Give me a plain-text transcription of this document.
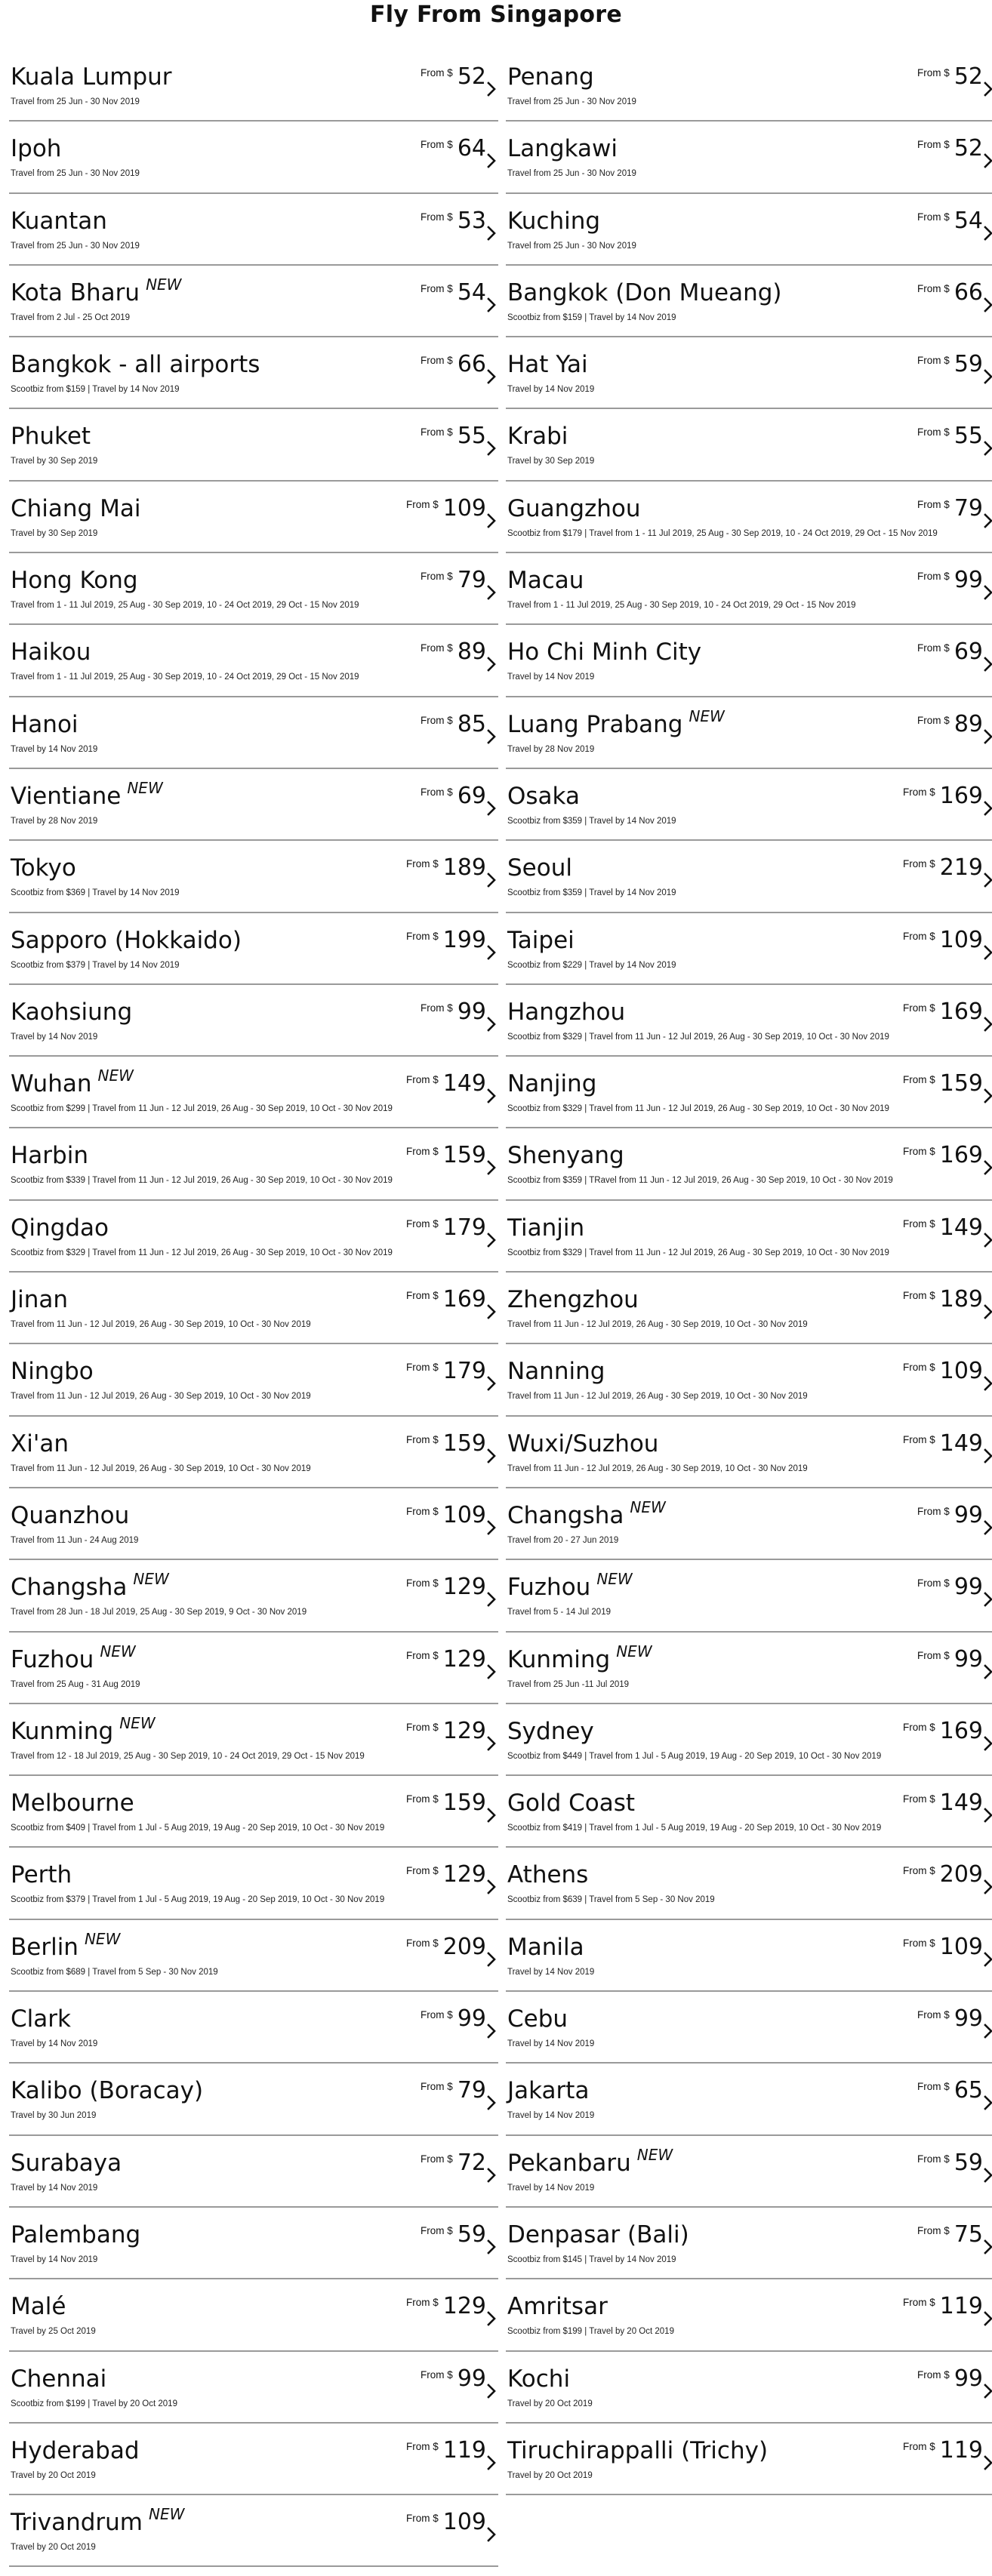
Fly From Singapore
Kuala Lumpur
Travel from 25 Jun - 30 Nov 2019
From $ 52
Ipoh
Travel from 25 Jun - 30 Nov 2019
From $ 64
Kuantan
Travel from 25 Jun - 30 Nov 2019
From $ 53
Kota Bharu $^{NEW}$
Travel from 2 Jul - 25 Oct 2019
From $ 54
Bangkok - all airports
Scootbiz from $159 | Travel by 14 Nov 2019
From $ 66
Phuket
Travel by 30 Sep 2019
From $ 55
Chiang Mai
Travel by 30 Sep 2019
From $ 109
Hong Kong
Travel from 1 - 11 Jul 2019, 25 Aug - 30 Sep 2019, 10 - 24 Oct 2019, 29 Oct - 15 Nov 2019
From $ 79
Haikou
Travel from 1 - 11 Jul 2019, 25 Aug - 30 Sep 2019, 10 - 24 Oct 2019, 29 Oct - 15 Nov 2019
From $ 89
Hanoi
Travel by 14 Nov 2019
From $ 85
Vientiane $^{NEW}$
Travel by 28 Nov 2019
From $ 69
Tokyo
Scootbiz from $369 | Travel by 14 Nov 2019
From $ 189
Sapporo (Hokkaido)
Scootbiz from $379 | Travel by 14 Nov 2019
From $ 199
Kaohsiung
Travel by 14 Nov 2019
From $ 99
Wuhan $^{NEW}$
Scootbiz from $299 | Travel from 11 Jun - 12 Jul 2019, 26 Aug - 30 Sep 2019, 10 Oct - 30 Nov 2019
From $ 149
Harbin
Scootbiz from $339 | Travel from 11 Jun - 12 Jul 2019, 26 Aug - 30 Sep 2019, 10 Oct - 30 Nov 2019
From $ 159
Qingdao
Scootbiz from $329 | Travel from 11 Jun - 12 Jul 2019, 26 Aug - 30 Sep 2019, 10 Oct - 30 Nov 2019
From $ 179
Jinan
Travel from 11 Jun - 12 Jul 2019, 26 Aug - 30 Sep 2019, 10 Oct - 30 Nov 2019
From $ 169
Ningbo
Travel from 11 Jun - 12 Jul 2019, 26 Aug - 30 Sep 2019, 10 Oct - 30 Nov 2019
From $ 179
Xi'an
Travel from 11 Jun - 12 Jul 2019, 26 Aug - 30 Sep 2019, 10 Oct - 30 Nov 2019
From $ 159
Quanzhou
Travel from 11 Jun - 24 Aug 2019
From $ 109
Changsha $^{NEW}$
Travel from 28 Jun - 18 Jul 2019, 25 Aug - 30 Sep 2019, 9 Oct - 30 Nov 2019
From $ 129
Fuzhou $^{NEW}$
Travel from 25 Aug - 31 Aug 2019
From $ 129
Kunming $^{NEW}$
Travel from 12 - 18 Jul 2019, 25 Aug - 30 Sep 2019, 10 - 24 Oct 2019, 29 Oct - 15 Nov 2019
From $ 129
Melbourne
Scootbiz from $409 | Travel from 1 Jul - 5 Aug 2019, 19 Aug - 20 Sep 2019, 10 Oct - 30 Nov 2019
From $ 159
Perth
Scootbiz from $379 | Travel from 1 Jul - 5 Aug 2019, 19 Aug - 20 Sep 2019, 10 Oct - 30 Nov 2019
From $ 129
Berlin $^{NEW}$
Scootbiz from $689 | Travel from 5 Sep - 30 Nov 2019
From $ 209
Clark
Travel by 14 Nov 2019
From $ 99
Kalibo (Boracay)
Travel by 30 Jun 2019
From $ 79
Surabaya
Travel by 14 Nov 2019
From $ 72
Palembang
Travel by 14 Nov 2019
From $ 59
Malé
Travel by 25 Oct 2019
From $ 129
Chennai
Scootbiz from $199 | Travel by 20 Oct 2019
From $ 99
Hyderabad
Travel by 20 Oct 2019
From $ 119
Trivandrum $^{NEW}$
Travel by 20 Oct 2019
From $ 109
Penang
Travel from 25 Jun - 30 Nov 2019
From $ 52
Langkawi
Travel from 25 Jun - 30 Nov 2019
From $ 52
Kuching
Travel from 25 Jun - 30 Nov 2019
From $ 54
Bangkok (Don Mueang)
Scootbiz from $159 | Travel by 14 Nov 2019
From $ 66
Hat Yai
Travel by 14 Nov 2019
From $ 59
Krabi
Travel by 30 Sep 2019
From $ 55
Guangzhou
Scootbiz from $179 | Travel from 1 - 11 Jul 2019, 25 Aug - 30 Sep 2019, 10 - 24 Oct 2019, 29 Oct - 15 Nov 2019
From $ 79
Macau
Travel from 1 - 11 Jul 2019, 25 Aug - 30 Sep 2019, 10 - 24 Oct 2019, 29 Oct - 15 Nov 2019
From $ 99
Ho Chi Minh City
Travel by 14 Nov 2019
From $ 69
Luang Prabang $^{NEW}$
Travel by 28 Nov 2019
From $ 89
Osaka
Scootbiz from $359 | Travel by 14 Nov 2019
From $ 169
Seoul
Scootbiz from $359 | Travel by 14 Nov 2019
From $ 219
Taipei
Scootbiz from $229 | Travel by 14 Nov 2019
From $ 109
Hangzhou
Scootbiz from $329 | Travel from 11 Jun - 12 Jul 2019, 26 Aug - 30 Sep 2019, 10 Oct - 30 Nov 2019
From $ 169
Nanjing
Scootbiz from $329 | Travel from 11 Jun - 12 Jul 2019, 26 Aug - 30 Sep 2019, 10 Oct - 30 Nov 2019
From $ 159
Shenyang
Scootbiz from $359 | TRavel from 11 Jun - 12 Jul 2019, 26 Aug - 30 Sep 2019, 10 Oct - 30 Nov 2019
From $ 169
Tianjin
Scootbiz from $329 | Travel from 11 Jun - 12 Jul 2019, 26 Aug - 30 Sep 2019, 10 Oct - 30 Nov 2019
From $ 149
Zhengzhou
Travel from 11 Jun - 12 Jul 2019, 26 Aug - 30 Sep 2019, 10 Oct - 30 Nov 2019
From $ 189
Nanning
Travel from 11 Jun - 12 Jul 2019, 26 Aug - 30 Sep 2019, 10 Oct - 30 Nov 2019
From $ 109
Wuxi/Suzhou
Travel from 11 Jun - 12 Jul 2019, 26 Aug - 30 Sep 2019, 10 Oct - 30 Nov 2019
From $ 149
Changsha $^{NEW}$
Travel from 20 - 27 Jun 2019
From $ 99
Fuzhou $^{NEW}$
Travel from 5 - 14 Jul 2019
From $ 99
Kunming $^{NEW}$
Travel from 25 Jun -11 Jul 2019
From $ 99
Sydney
Scootbiz from $449 | Travel from 1 Jul - 5 Aug 2019, 19 Aug - 20 Sep 2019, 10 Oct - 30 Nov 2019
From $ 169
Gold Coast
Scootbiz from $419 | Travel from 1 Jul - 5 Aug 2019, 19 Aug - 20 Sep 2019, 10 Oct - 30 Nov 2019
From $ 149
Athens
Scootbiz from $639 | Travel from 5 Sep - 30 Nov 2019
From $ 209
Manila
Travel by 14 Nov 2019
From $ 109
Cebu
Travel by 14 Nov 2019
From $ 99
Jakarta
Travel by 14 Nov 2019
From $ 65
Pekanbaru $^{NEW}$
Travel by 14 Nov 2019
From $ 59
Denpasar (Bali)
Scootbiz from $145 | Travel by 14 Nov 2019
From $ 75
Amritsar
Scootbiz from $199 | Travel by 20 Oct 2019
From $ 119
Kochi
Travel by 20 Oct 2019
From $ 99
Tiruchirappalli (Trichy)
Travel by 20 Oct 2019
From $ 119
